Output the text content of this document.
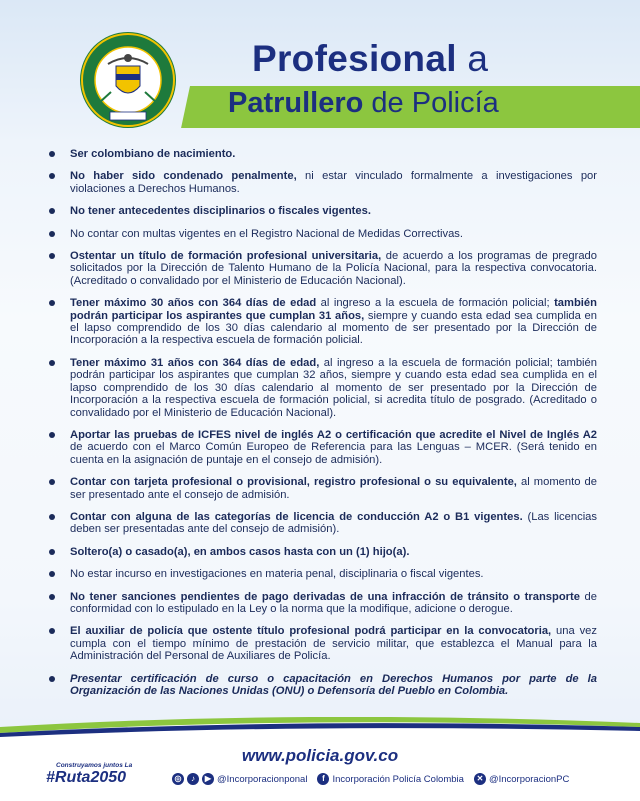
Profesional a
Patrullero de Policía
Ser colombiano de nacimiento.
No haber sido condenado penalmente, ni estar vinculado formalmente a investigaciones por violaciones a Derechos Humanos.
No tener antecedentes disciplinarios o fiscales vigentes.
No contar con multas vigentes en el Registro Nacional de Medidas Correctivas.
Ostentar un título de formación profesional universitaria, de acuerdo a los programas de pregrado solicitados por la Dirección de Talento Humano de la Policía Nacional, para la respectiva convocatoria. (Acreditado o convalidado por el Ministerio de Educación Nacional).
Tener máximo 30 años con 364 días de edad al ingreso a la escuela de formación policial; también podrán participar los aspirantes que cumplan 31 años, siempre y cuando esta edad sea cumplida en el lapso comprendido de los 30 días calendario al momento de ser presentado por la Dirección de Incorporación a la respectiva escuela de formación policial.
Tener máximo 31 años con 364 días de edad, al ingreso a la escuela de formación policial; también podrán participar los aspirantes que cumplan 32 años, siempre y cuando esta edad sea cumplida en el lapso comprendido de los 30 días calendario al momento de ser presentado por la Dirección de Incorporación a la respectiva escuela de formación policial, si acredita título de posgrado. (Acreditado o convalidado por el Ministerio de Educación Nacional).
Aportar las pruebas de ICFES nivel de inglés A2 o certificación que acredite el Nivel de Inglés A2 de acuerdo con el Marco Común Europeo de Referencia para las Lenguas – MCER. (Será tenido en cuenta en la asignación de puntaje en el consejo de admisión).
Contar con tarjeta profesional o provisional, registro profesional o su equivalente, al momento de ser presentado ante el consejo de admisión.
Contar con alguna de las categorías de licencia de conducción A2 o B1 vigentes. (Las licencias deben ser presentadas ante del consejo de admisión).
Soltero(a) o casado(a), en ambos casos hasta con un (1) hijo(a).
No estar incurso en investigaciones en materia penal, disciplinaria o fiscal vigentes.
No tener sanciones pendientes de pago derivadas de una infracción de tránsito o transporte de conformidad con lo estipulado en la Ley o la norma que la modifique, adicione o derogue.
El auxiliar de policía que ostente título profesional podrá participar en la convocatoria, una vez cumpla con el tiempo mínimo de prestación de servicio militar, que establezca el Manual para la Administración del Personal de Auxiliares de Policía.
Presentar certificación de curso o capacitación en Derechos Humanos por parte de la Organización de las Naciones Unidas (ONU) o Defensoría del Pueblo en Colombia.
www.policia.gov.co
Construyamos juntos La
#Ruta2050	◎	♪	▶ @Incorporacionponal	f Incorporación Policía Colombia	✕ @IncorporacionPC
